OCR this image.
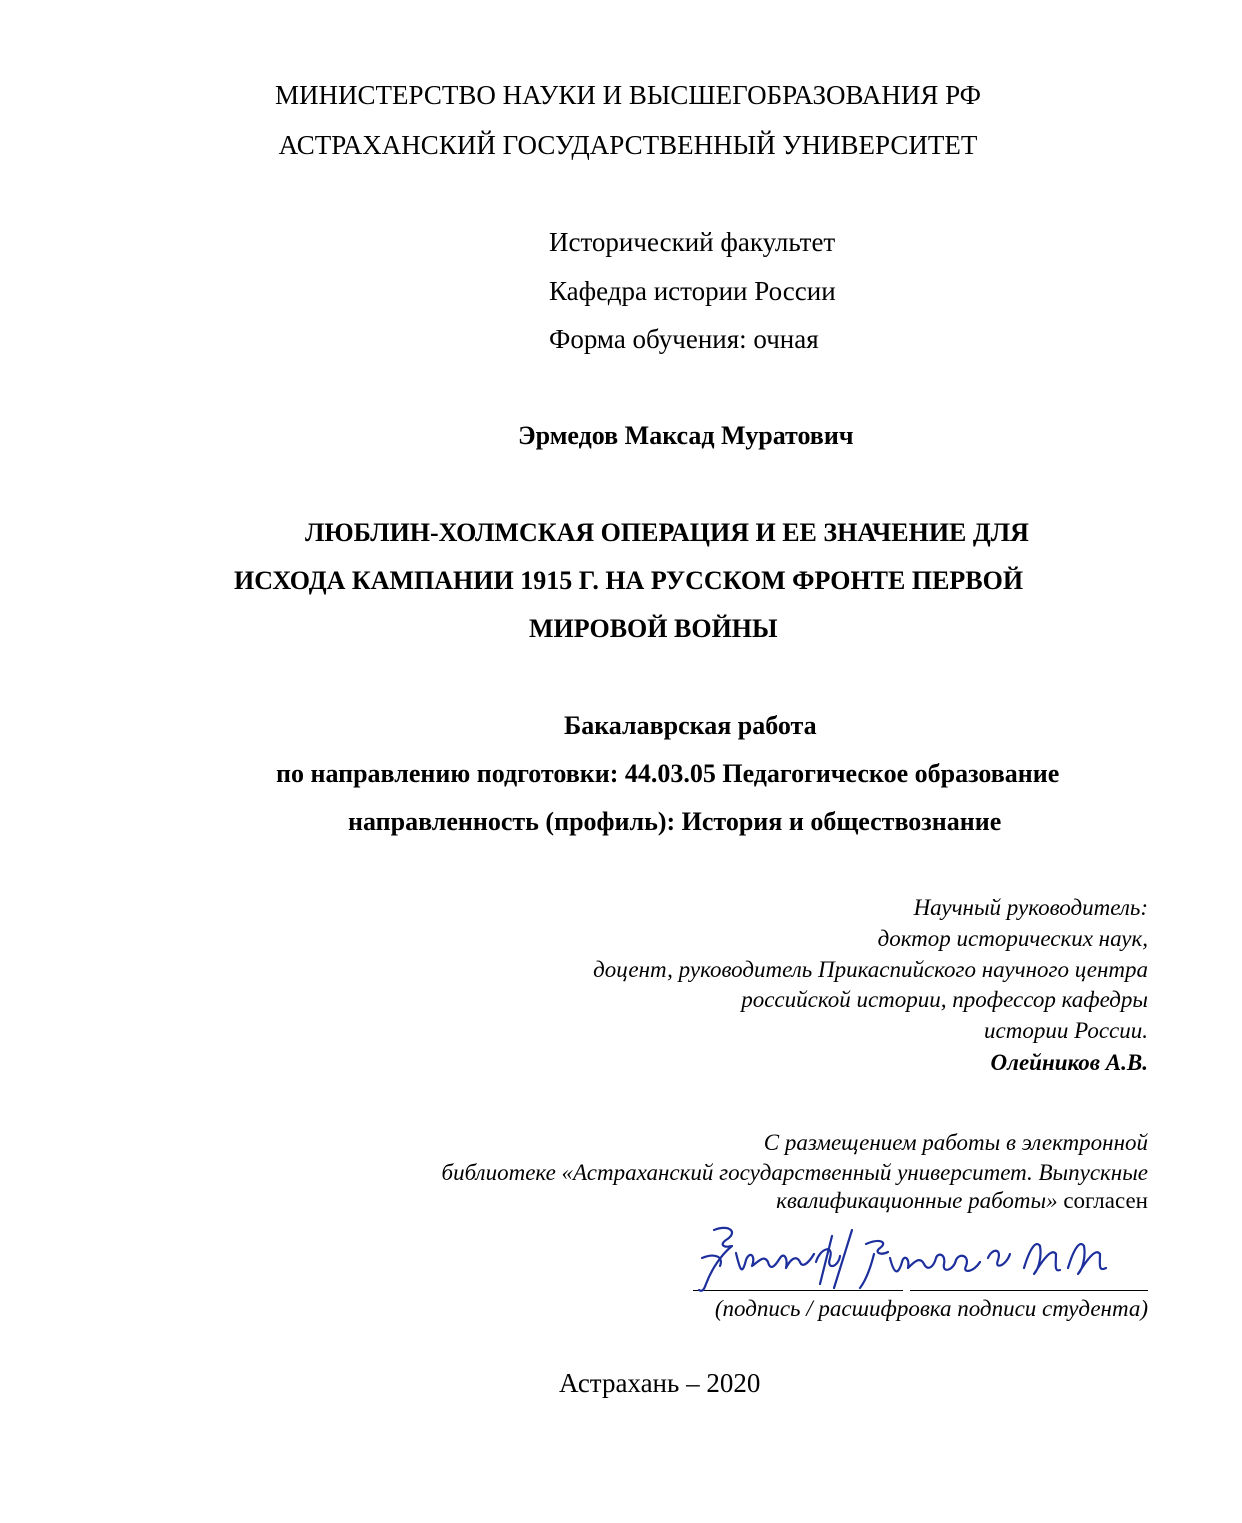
МИНИСТЕРСТВО НАУКИ И ВЫСШЕГОБРАЗОВАНИЯ РФ
АСТРАХАНСКИЙ ГОСУДАРСТВЕННЫЙ УНИВЕРСИТЕТ
Исторический факультет
Кафедра истории России
Форма обучения: очная
Эрмедов Максад Муратович
ЛЮБЛИН-ХОЛМСКАЯ ОПЕРАЦИЯ И ЕЕ ЗНАЧЕНИЕ ДЛЯ
ИСХОДА КАМПАНИИ 1915 Г. НА РУССКОМ ФРОНТЕ ПЕРВОЙ
МИРОВОЙ ВОЙНЫ
Бакалаврская работа
по направлению подготовки: 44.03.05 Педагогическое образование
направленность (профиль): История и обществознание
Научный руководитель:
доктор исторических наук,
доцент, руководитель Прикаспийского научного центра
российской истории, профессор кафедры
истории России.
Олейников А.В.
С размещением работы в электронной
библиотеке «Астраханский государственный университет. Выпускные
квалификационные работы» согласен
(подпись / расшифровка подписи студента)
Астрахань – 2020
